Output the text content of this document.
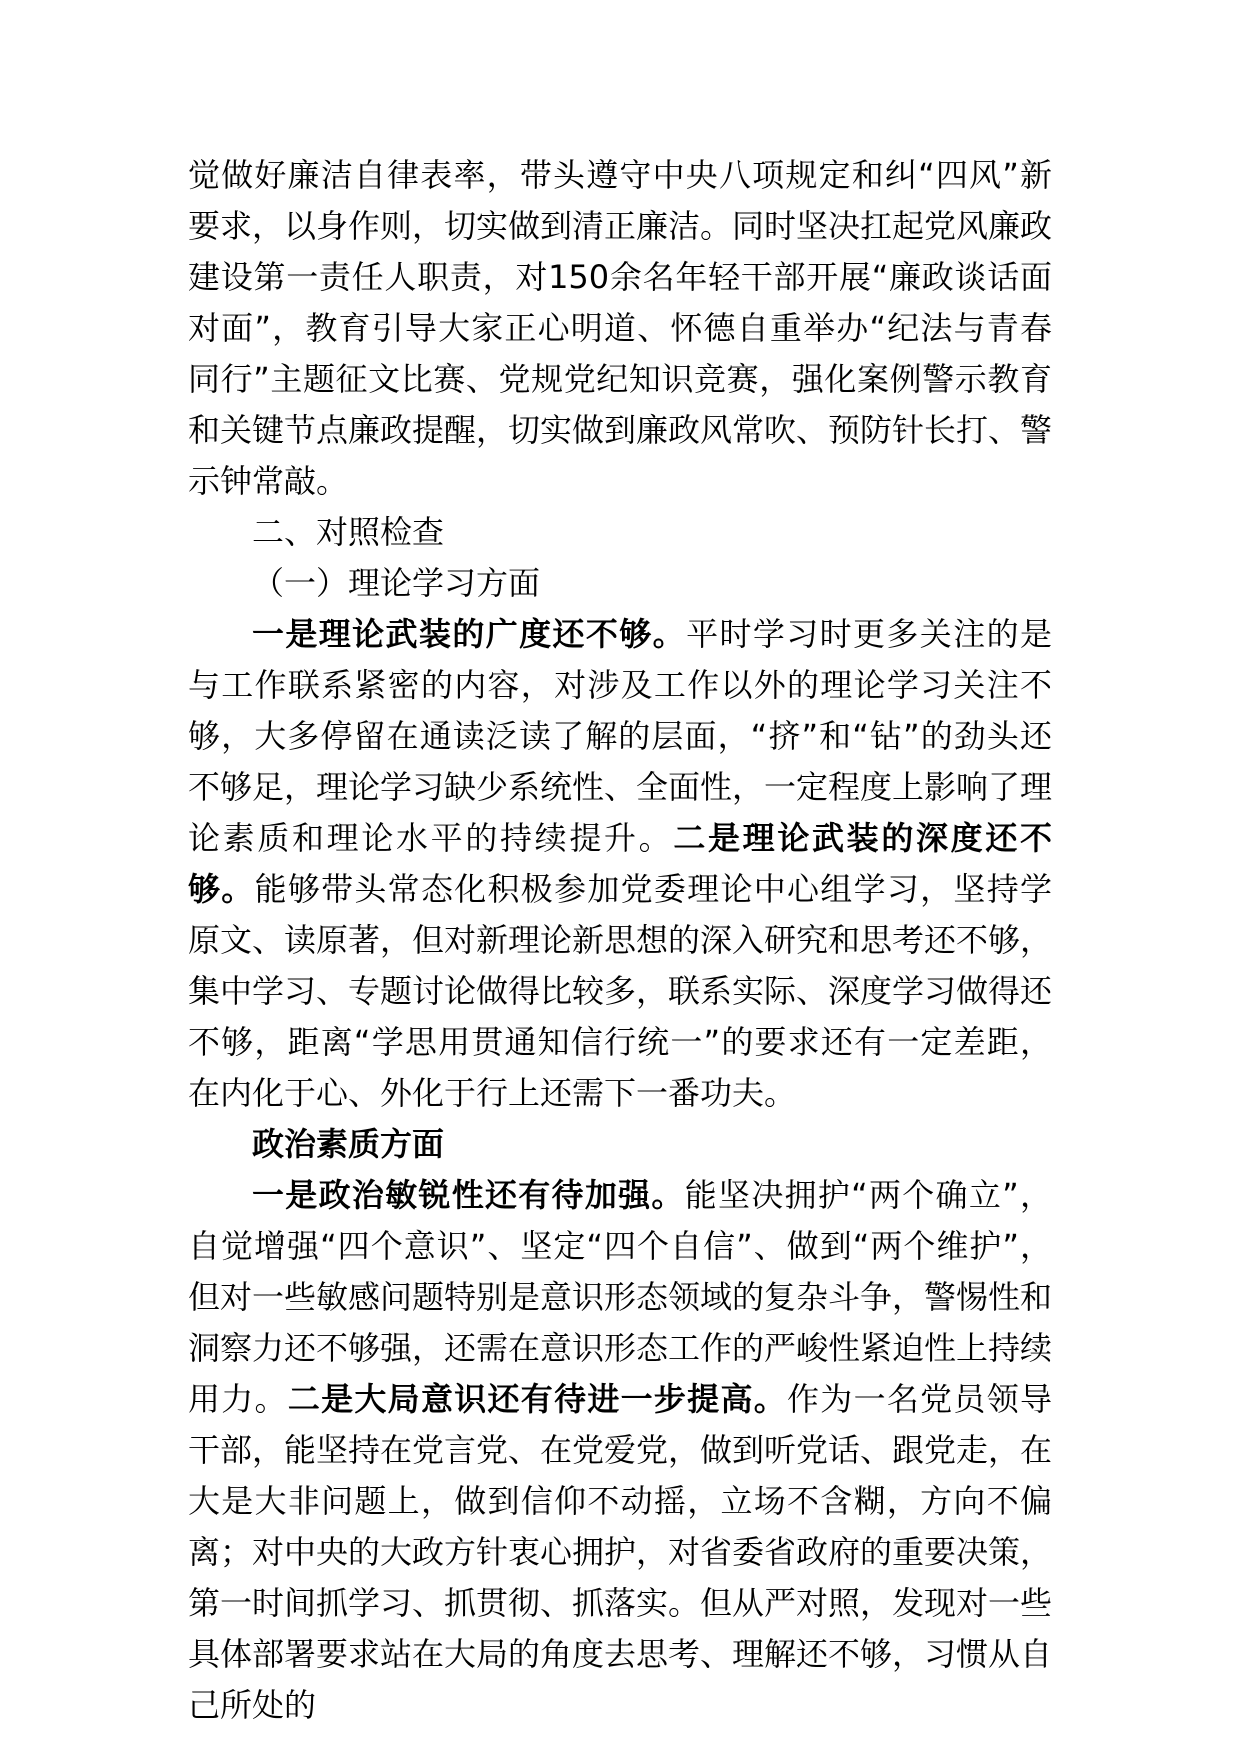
觉做好廉洁自律表率，带头遵守中央八项规定和纠“四风”新要求，以身作则，切实做到清正廉洁。同时坚决扛起党风廉政建设第一责任人职责，对150余名年轻干部开展“廉政谈话面对面”，教育引导大家正心明道、怀德自重举办“纪法与青春同行”主题征文比赛、党规党纪知识竞赛，强化案例警示教育和关键节点廉政提醒，切实做到廉政风常吹、预防针长打、警示钟常敲。

二、对照检查

（一）理论学习方面

一是理论武装的广度还不够。平时学习时更多关注的是与工作联系紧密的内容，对涉及工作以外的理论学习关注不够，大多停留在通读泛读了解的层面，“挤”和“钻”的劲头还不够足，理论学习缺少系统性、全面性，一定程度上影响了理论素质和理论水平的持续提升。二是理论武装的深度还不够。能够带头常态化积极参加党委理论中心组学习，坚持学原文、读原著，但对新理论新思想的深入研究和思考还不够，集中学习、专题讨论做得比较多，联系实际、深度学习做得还不够，距离“学思用贯通知信行统一”的要求还有一定差距，在内化于心、外化于行上还需下一番功夫。

政治素质方面

一是政治敏锐性还有待加强。能坚决拥护“两个确立”，自觉增强“四个意识”、坚定“四个自信”、做到“两个维护”，但对一些敏感问题特别是意识形态领域的复杂斗争，警惕性和洞察力还不够强，还需在意识形态工作的严峻性紧迫性上持续用力。二是大局意识还有待进一步提高。作为一名党员领导干部，能坚持在党言党、在党爱党，做到听党话、跟党走，在大是大非问题上，做到信仰不动摇，立场不含糊，方向不偏离；对中央的大政方针衷心拥护，对省委省政府的重要决策，第一时间抓学习、抓贯彻、抓落实。但从严对照，发现对一些具体部署要求站在大局的角度去思考、理解还不够，习惯从自己所处的
